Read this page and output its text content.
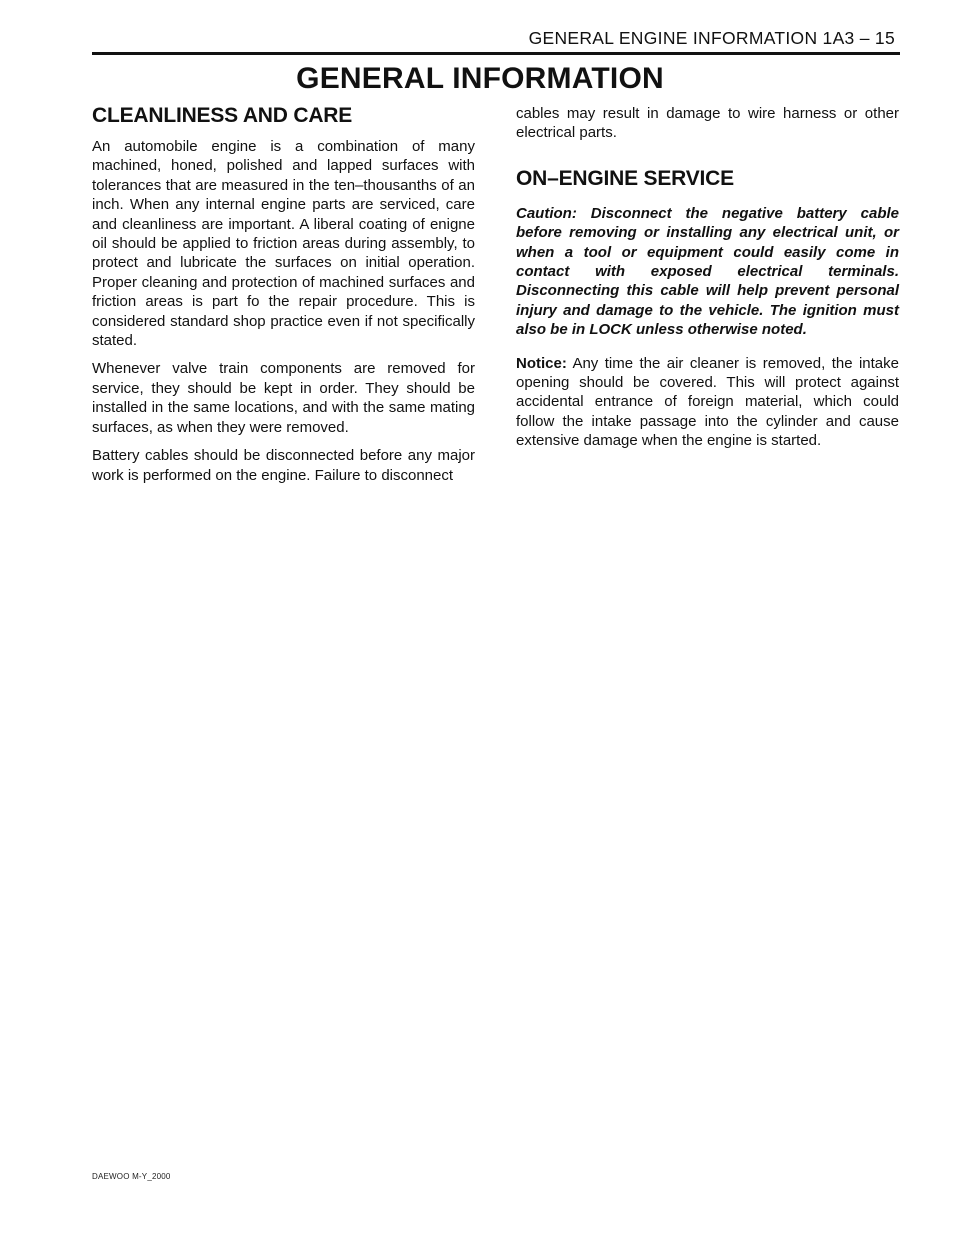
GENERAL ENGINE INFORMATION 1A3 – 15
GENERAL INFORMATION
CLEANLINESS AND CARE

An automobile engine is a combination of many machined, honed, polished and lapped surfaces with tolerances that are measured in the ten–thousanths of an inch. When any internal engine parts are serviced, care and cleanliness are important. A liberal coating of enigne oil should be applied to friction areas during assembly, to protect and lubricate the surfaces on initial operation. Proper cleaning and protection of machined surfaces and friction areas is part fo the repair procedure. This is considered standard shop practice even if not specifically stated.

Whenever valve train components are removed for service, they should be kept in order. They should be installed in the same locations, and with the same mating surfaces, as when they were removed.

Battery cables should be disconnected before any major work is performed on the engine. Failure to disconnect

cables may result in damage to wire harness or other electrical parts.

ON–ENGINE SERVICE

Caution: Disconnect the negative battery cable before removing or installing any electrical unit, or when a tool or equipment could easily come in contact with exposed electrical terminals. Disconnecting this cable will help prevent personal injury and damage to the vehicle. The ignition must also be in LOCK unless otherwise noted.

Notice: Any time the air cleaner is removed, the intake opening should be covered. This will protect against accidental entrance of foreign material, which could follow the intake passage into the cylinder and cause extensive damage when the engine is started.

DAEWOO M-Y_2000
